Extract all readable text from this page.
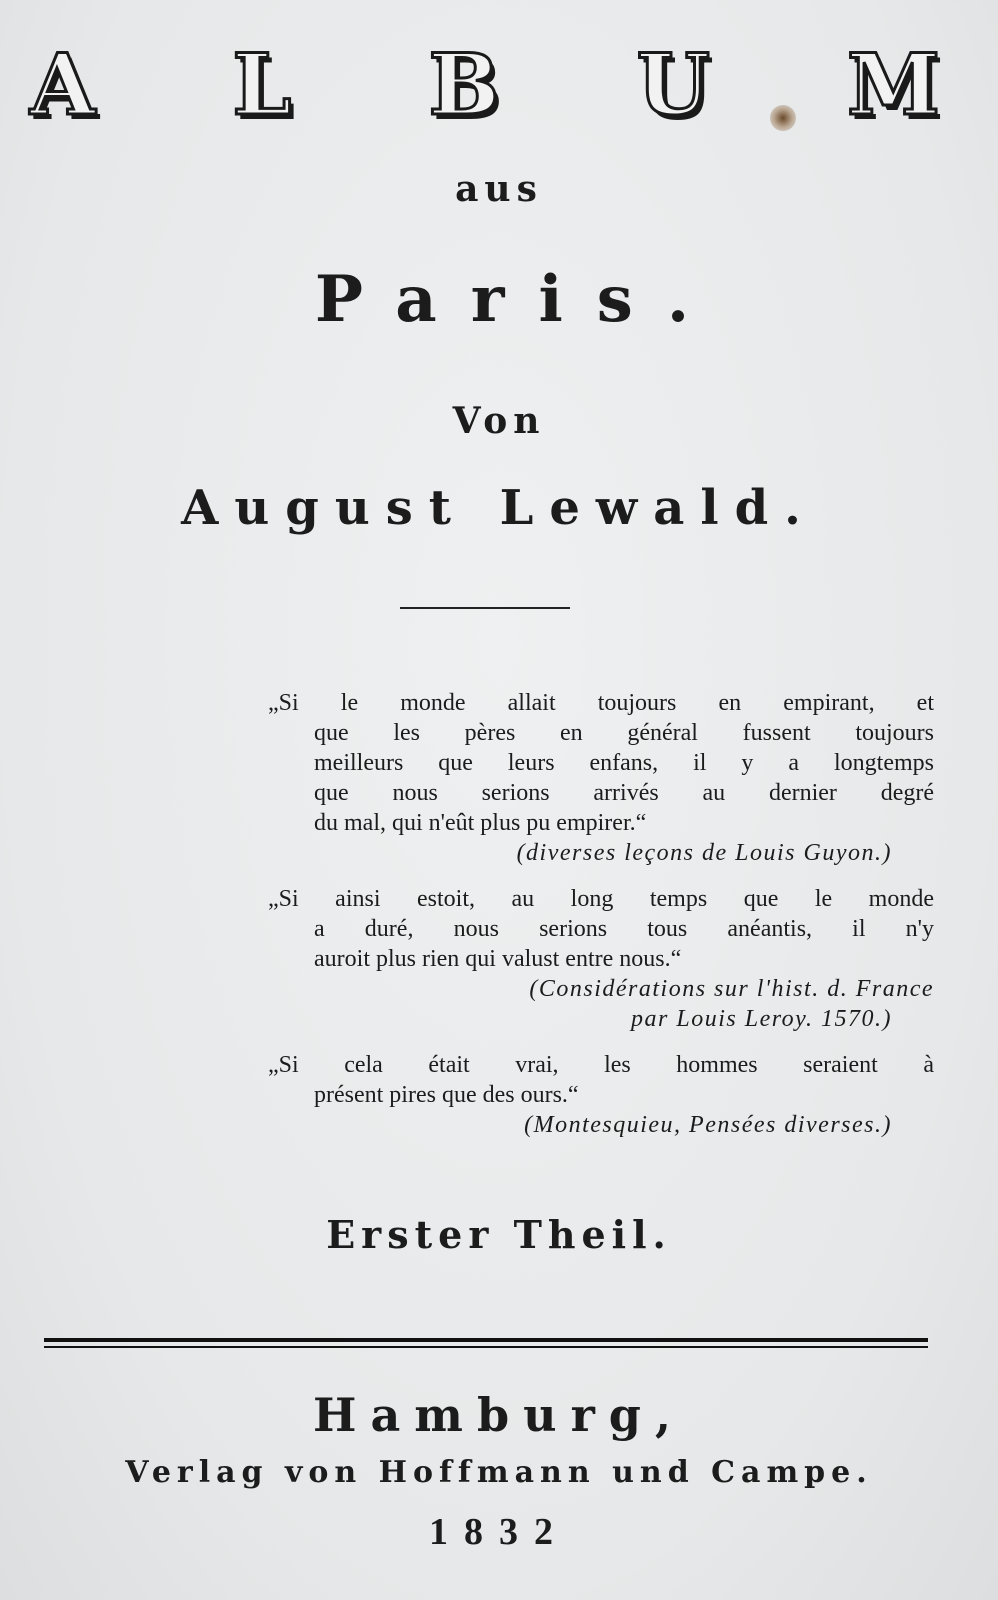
A L B U M
aus
Paris.
Von
August Lewald.
„Si le monde allait toujours en empirant, et
que les pères en général fussent toujours
meilleurs que leurs enfans, il y a longtemps
que nous serions arrivés au dernier degré
du mal, qui n'eût plus pu empirer.“
(diverses leçons de Louis Guyon.)
„Si ainsi estoit, au long temps que le monde
a duré, nous serions tous anéantis, il n'y
auroit plus rien qui valust entre nous.“
(Considérations sur l'hist. d. France
par Louis Leroy. 1570.)
„Si cela était vrai, les hommes seraient à
présent pires que des ours.“
(Montesquieu, Pensées diverses.)
Erster Theil.
Hamburg,
Verlag von Hoffmann und Campe.
1832
